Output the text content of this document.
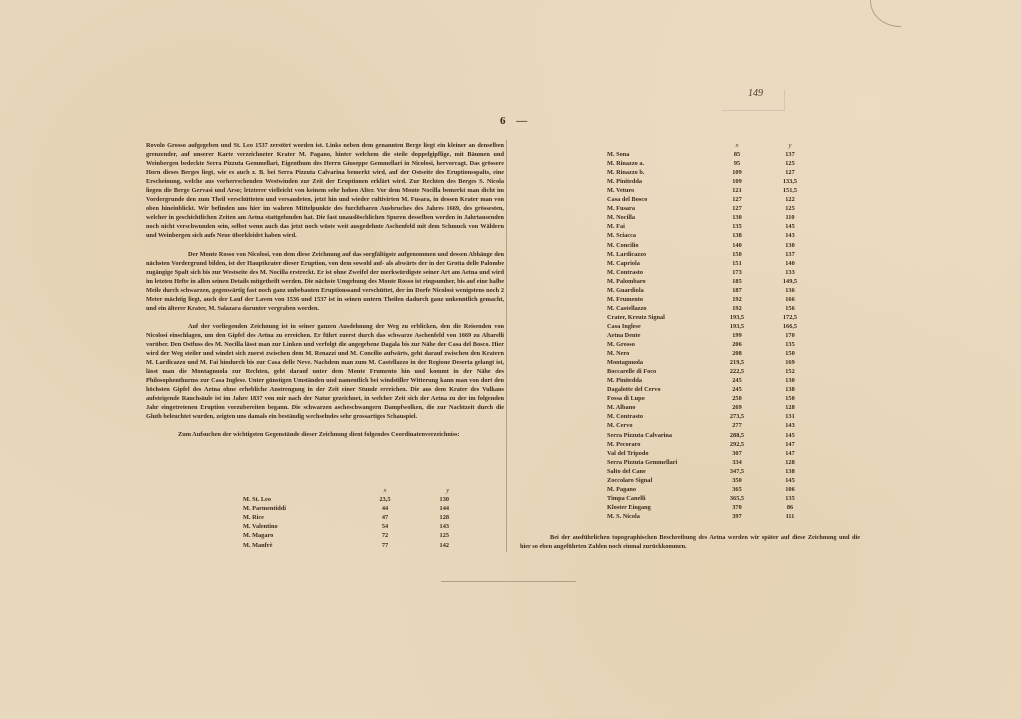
149
6 —

Rovolo Grosso aufgegeben und St. Leo 1537 zerstört worden ist. Links neben dem genannten Berge liegt ein kleiner an denselben grenzender, auf unserer Karte verzeichneter Krater M. Pagano, hinter welchem die steile doppelgipflige, mit Bäumen und Weinbergen bedeckte Serra Pizzuta Gemmellari, Eigenthum des Herrn Giuseppe Gemmellari in Nicolosi, hervorragt. Das grössere Horn dieses Berges liegt, wie es auch z. B. bei Serra Pizzuta Calvarina bemerkt wird, auf der Ostseite des Eruptionsspalts, eine Erscheinung, welche aus vorherrschenden Westwinden zur Zeit der Eruptionen erklärt wird. Zur Rechten des Berges S. Nicola liegen die Berge Gervasi und Arso; letzterer vielleicht von keinem sehr hohen Alter. Vor dem Monte Nocilla bemerkt man dicht im Vordergrunde den zum Theil verschütteten und versandeten, jetzt hin und wieder cultivirten M. Fusara, in dessen Krater man von oben hineinblickt. Wir befinden uns hier im wahren Mittelpunkte des furchtbaren Ausbruches des Jahres 1669, des grössesten, welcher in geschichtlichen Zeiten am Aetna stattgefunden hat. Die fast unauslöschlichen Spuren desselben werden in Jahrtausenden noch nicht verschwunden sein, selbst wenn auch das jetzt noch wüste weit ausgedehnte Aschenfeld mit dem Schmuck von Wäldern und Weinbergen sich aufs Neue überkleidet haben wird.

Der Monte Rosso von Nicolosi, von dem diese Zeichnung auf das sorgfältigste aufgenommen und dessen Abhänge den nächsten Vordergrund bilden, ist der Hauptkrater dieser Eruption, von dem sowohl auf- als abwärts der in der Grotta delle Palombe zugängige Spalt sich bis zur Westseite des M. Nocilla erstreckt. Er ist ohne Zweifel der merkwürdigste seiner Art am Aetna und wird im letzten Hefte in allen seinen Details mitgetheilt werden. Die nächste Umgebung des Monte Rosso ist ringsumher, bis auf eine halbe Meile durch schwarzen, gegenwärtig fast noch ganz unbebauten Eruptionssand verschüttet, der im Dorfe Nicolosi wenigstens noch 2 Meter mächtig liegt, auch der Lauf der Laven von 1536 und 1537 ist in seinen untern Theilen dadurch ganz unkenntlich gemacht, und ein älterer Krater, M. Salazara darunter vergraben worden.

Auf der vorliegenden Zeichnung ist in seiner ganzen Ausdehnung der Weg zu erblicken, den die Reisenden von Nicolosi einschlagen, um den Gipfel des Aetna zu erreichen. Er führt zuerst durch das schwarze Aschenfeld von 1669 zu Altarelli vorüber. Den Ostfuss des M. Nocilla lässt man zur Linken und verfolgt die angegebene Dagala bis zur Nähe der Casa del Bosco. Hier wird der Weg steiler und windet sich zuerst zwischen dem M. Renazzi und M. Concilio aufwärts, geht darauf zwischen den Kratern M. Lardicazzo und M. Fai hindurch bis zur Casa delle Neve. Nachdem man zum M. Castellazzo in der Regione Deserta gelangt ist, lässt man die Montagnuola zur Rechten, geht darauf unter dem Monte Frumento hin und kommt in der Nähe des Philosophenthurms zur Casa Inglese. Unter günstigen Umständen und namentlich bei windstiller Witterung kann man von dort den höchsten Gipfel des Aetna ohne erhebliche Anstrengung in der Zeit einer Stunde erreichen. Die aus dem Krater des Vulkans aufsteigende Rauchsäule ist im Jahre 1837 von mir nach der Natur gezeichnet, in welcher Zeit sich der Aetna zu der im folgenden Jahr eingetretenen Eruption vorzubereiten begann. Die schwarzen ascheschwangern Dampfwolken, die zur Nachtzeit durch die Gluth beleuchtet wurden, zeigten uns damals ein beständig wechselndes sehr grossartiges Schauspiel.

Zum Aufsuchen der wichtigsten Gegenstände dieser Zeichnung dient folgendes Coordinatenverzeichniss:

	x	y
M. St. Leo	23,5	130
M. Parmentiddi	44	144
M. Rice	47	128
M. Valentino	54	143
M. Magaro	72	125
M. Manfrè	77	142
	x	y
M. Sona	85	137
M. Rinazzo a.	95	125
M. Rinazzo b.	109	127
M. Pinitedda	109	133,5
M. Veturo	121	151,5
Casa del Bosco	127	122
M. Fusara	127	125
M. Nocilla	130	110
M. Fai	135	145
M. Sciacca	138	143
M. Concilio	140	130
M. Lardicazzo	150	137
M. Capriola	151	140
M. Contrasto	173	133
M. Palombaro	185	149,5
M. Guardiola	187	136
M. Frumento	192	166
M. Castellazzo	192	156
Crater, Kreutz Signal	193,5	172,5
Casa Inglese	193,5	166,5
Aetna Dente	199	170
M. Grosso	206	135
M. Nero	208	150
Montagnuola	219,5	169
Boccarelle di Foco	222,5	152
M. Pinitedda	245	130
Dagalotte del Cervo	245	138
Fossa di Lupo	250	150
M. Albano	269	128
M. Contrasto	273,5	131
M. Cervo	277	143
Serra Pizzuta Calvarina	288,5	145
M. Pecoraro	292,5	147
Val del Tripodo	307	147
Serra Pizzuta Gemmellari	334	128
Salto del Cane	347,5	138
Zoccolaro Signal	350	145
M. Pagano	365	106
Timpa Canelli	365,5	135
Kloster Eingang	370	86
M. S. Nicola	397	111
Bei der ausführlichen topographischen Beschreibung des Aetna werden wir später auf diese Zeichnung und die hier so eben angeführten Zahlen noch einmal zurückkommen.
